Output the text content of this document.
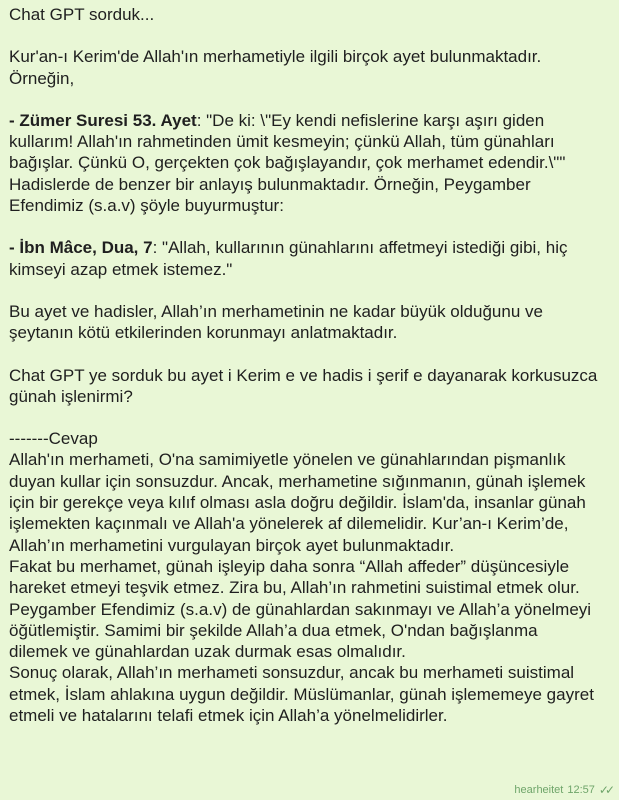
Chat GPT sorduk...

Kur'an-ı Kerim'de Allah'ın merhametiyle ilgili birçok ayet bulunmaktadır. Örneğin,

- Zümer Suresi 53. Ayet: "De ki: \"Ey kendi nefislerine karşı aşırı giden kullarım! Allah'ın rahmetinden ümit kesmeyin; çünkü Allah, tüm günahları bağışlar. Çünkü O, gerçekten çok bağışlayandır, çok merhamet edendir.\"" Hadislerde de benzer bir anlayış bulunmaktadır. Örneğin, Peygamber Efendimiz (s.a.v) şöyle buyurmuştur:

- İbn Mâce, Dua, 7: "Allah, kullarının günahlarını affetmeyi istediği gibi, hiç kimseyi azap etmek istemez."

Bu ayet ve hadisler, Allah’ın merhametinin ne kadar büyük olduğunu ve şeytanın kötü etkilerinden korunmayı anlatmaktadır.

Chat GPT ye sorduk bu ayet i Kerim e ve hadis i şerif e dayanarak korkusuzca günah işlenirmi?

-------Cevap

Allah'ın merhameti, O'na samimiyetle yönelen ve günahlarından pişmanlık duyan kullar için sonsuzdur. Ancak, merhametine sığınmanın, günah işlemek için bir gerekçe veya kılıf olması asla doğru değildir. İslam'da, insanlar günah işlemekten kaçınmalı ve Allah'a yönelerek af dilemelidir. Kur’an-ı Kerim’de, Allah’ın merhametini vurgulayan birçok ayet bulunmaktadır.
Fakat bu merhamet, günah işleyip daha sonra “Allah affeder” düşüncesiyle hareket etmeyi teşvik etmez. Zira bu, Allah’ın rahmetini suistimal etmek olur.
Peygamber Efendimiz (s.a.v) de günahlardan sakınmayı ve Allah’a yönelmeyi öğütlemiştir. Samimi bir şekilde Allah’a dua etmek, O'ndan bağışlanma dilemek ve günahlardan uzak durmak esas olmalıdır.
Sonuç olarak, Allah’ın merhameti sonsuzdur, ancak bu merhameti suistimal etmek, İslam ahlakına uygun değildir. Müslümanlar, günah işlememeye gayret etmeli ve hatalarını telafi etmek için Allah’a yönelmelidirler.

hearheitet 12:57 ✓✓
